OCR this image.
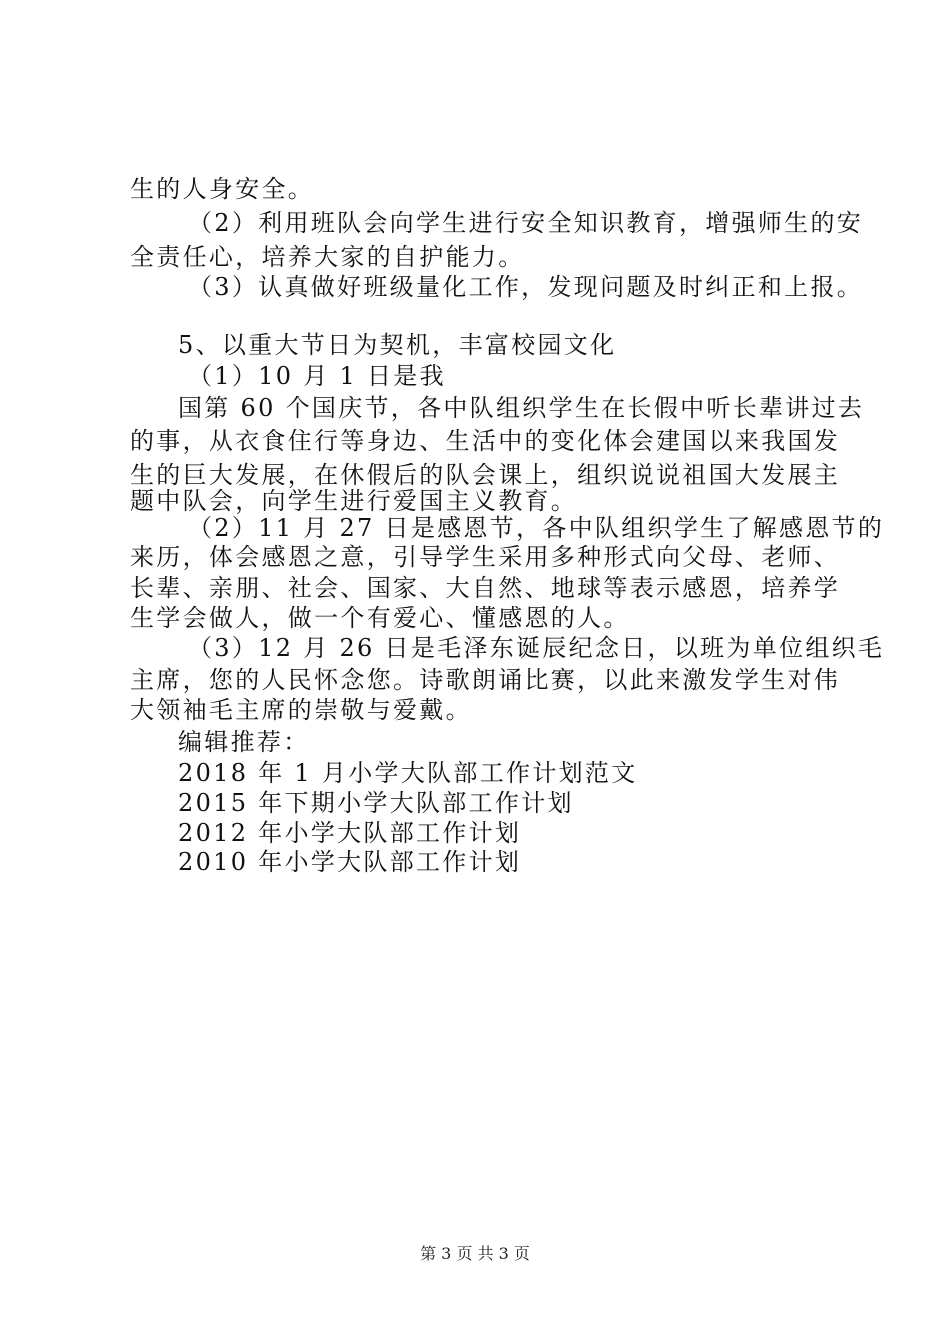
生的人身安全。
（2）利用班队会向学生进行安全知识教育，增强师生的安
全责任心，培养大家的自护能力。
（3）认真做好班级量化工作，发现问题及时纠正和上报。
5、以重大节日为契机，丰富校园文化
（1）10 月 1 日是我
国第 60 个国庆节，各中队组织学生在长假中听长辈讲过去
的事，从衣食住行等身边、生活中的变化体会建国以来我国发
生的巨大发展，在休假后的队会课上，组织说说祖国大发展主
题中队会，向学生进行爱国主义教育。
（2）11 月 27 日是感恩节，各中队组织学生了解感恩节的
来历，体会感恩之意，引导学生采用多种形式向父母、老师、
长辈、亲朋、社会、国家、大自然、地球等表示感恩，培养学
生学会做人，做一个有爱心、懂感恩的人。
（3）12 月 26 日是毛泽东诞辰纪念日，以班为单位组织毛
主席，您的人民怀念您。诗歌朗诵比赛，以此来激发学生对伟
大领袖毛主席的崇敬与爱戴。
编辑推荐：
2018 年 1 月小学大队部工作计划范文
2015 年下期小学大队部工作计划
2012 年小学大队部工作计划
2010 年小学大队部工作计划
第 3 页 共 3 页
